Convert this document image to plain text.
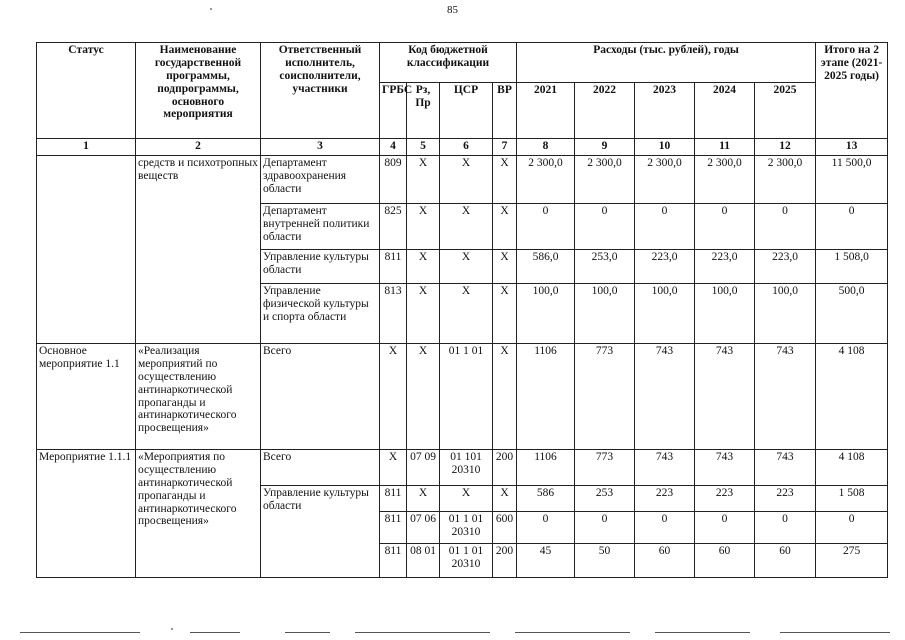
85
Статус	Наименование государственной программы, подпрограммы, основного мероприятия	Ответственный исполнитель, соисполнители, участники	Код бюджетной классификации				Расходы (тыс. рублей), годы					Итого на 2 этапе (2021-2025 годы)
			ГРБС	Рз, Пр	ЦСР	ВР	2021	2022	2023	2024	2025	
1	2	3	4	5	6	7	8	9	10	11	12	13
	средств и психотропных веществ	Департамент здравоохранения области	809	Х	Х	Х	2 300,0	2 300,0	2 300,0	2 300,0	2 300,0	11 500,0
		Департамент внутренней политики области	825	Х	Х	Х	0	0	0	0	0	0
		Управление культуры области	811	Х	Х	Х	586,0	253,0	223,0	223,0	223,0	1 508,0
		Управление физической культуры и спорта области	813	Х	Х	Х	100,0	100,0	100,0	100,0	100,0	500,0
Основное мероприятие 1.1	«Реализация мероприятий по осуществлению антинаркотической пропаганды и антинаркотического просвещения»	Всего	Х	Х	01 1 01	Х	1106	773	743	743	743	4 108
Мероприятие 1.1.1	«Мероприятия по осуществлению антинаркотической пропаганды и антинаркотического просвещения»	Всего	Х	07 09	01 101 20310	200	1106	773	743	743	743	4 108
		Управление культуры области	811	Х	Х	Х	586	253	223	223	223	1 508
			811	07 06	01 1 01 20310	600	0	0	0	0	0	0
			811	08 01	01 1 01 20310	200	45	50	60	60	60	275
